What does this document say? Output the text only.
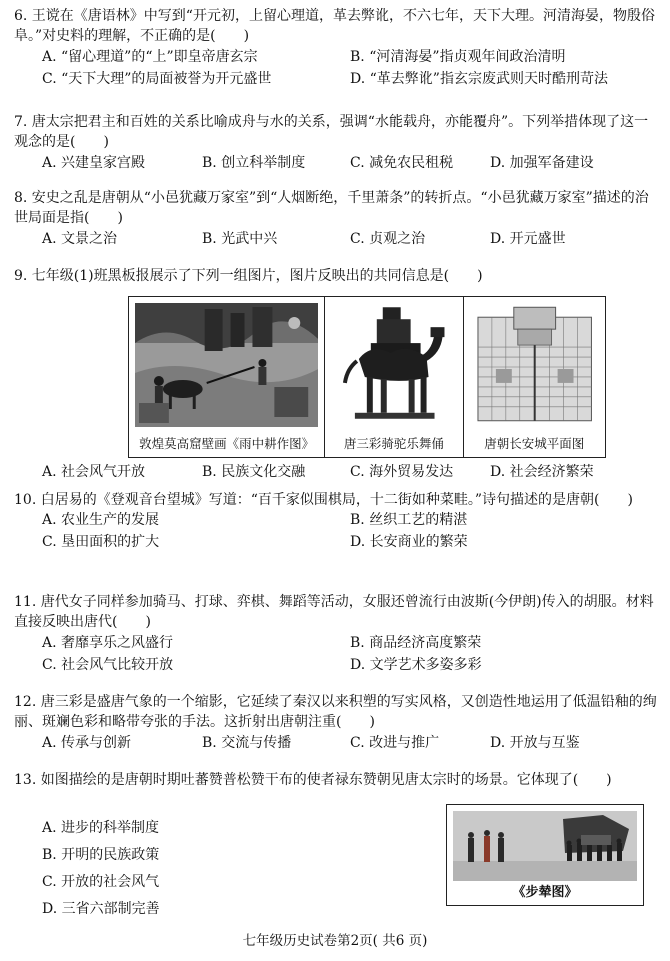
6. 王谠在《唐语林》中写到“开元初，上留心理道，革去弊讹，不六七年，天下大理。河清海晏，物殷俗阜。”对史料的理解，不正确的是(　　)

A. “留心理道”的“上”即皇帝唐玄宗	B. “河清海晏”指贞观年间政治清明
C. “天下大理”的局面被誉为开元盛世	D. “革去弊讹”指玄宗废武则天时酷刑苛法

7. 唐太宗把君主和百姓的关系比喻成舟与水的关系，强调“水能载舟，亦能覆舟”。下列举措体现了这一观念的是(　　)

A. 兴建皇家宫殿	B. 创立科举制度	C. 减免农民租税	D. 加强军备建设

8. 安史之乱是唐朝从“小邑犹藏万家室”到“人烟断绝，千里萧条”的转折点。“小邑犹藏万家室”描述的治世局面是指(　　)

A. 文景之治	B. 光武中兴	C. 贞观之治	D. 开元盛世

9. 七年级(1)班黑板报展示了下列一组图片，图片反映出的共同信息是(　　)

敦煌莫高窟壁画《雨中耕作图》	唐三彩骑驼乐舞俑	唐朝长安城平面图
A. 社会风气开放	B. 民族文化交融	C. 海外贸易发达	D. 社会经济繁荣

10. 白居易的《登观音台望城》写道：“百千家似围棋局，十二街如种菜畦。”诗句描述的是唐朝(　　)

A. 农业生产的发展	B. 丝织工艺的精湛
C. 垦田面积的扩大	D. 长安商业的繁荣

11. 唐代女子同样参加骑马、打球、弈棋、舞蹈等活动，女服还曾流行由波斯(今伊朗)传入的胡服。材料直接反映出唐代(　　)

A. 奢靡享乐之风盛行	B. 商品经济高度繁荣
C. 社会风气比较开放	D. 文学艺术多姿多彩

12. 唐三彩是盛唐气象的一个缩影，它延续了秦汉以来积塑的写实风格，又创造性地运用了低温铅釉的绚丽、斑斓色彩和略带夸张的手法。这折射出唐朝注重(　　)

A. 传承与创新	B. 交流与传播	C. 改进与推广	D. 开放与互鉴

13. 如图描绘的是唐朝时期吐蕃赞普松赞干布的使者禄东赞朝见唐太宗时的场景。它体现了(　　)

A. 进步的科举制度
B. 开明的民族政策
C. 开放的社会风气
D. 三省六部制完善
《步辇图》
七年级历史试卷第2页( 共6 页)
